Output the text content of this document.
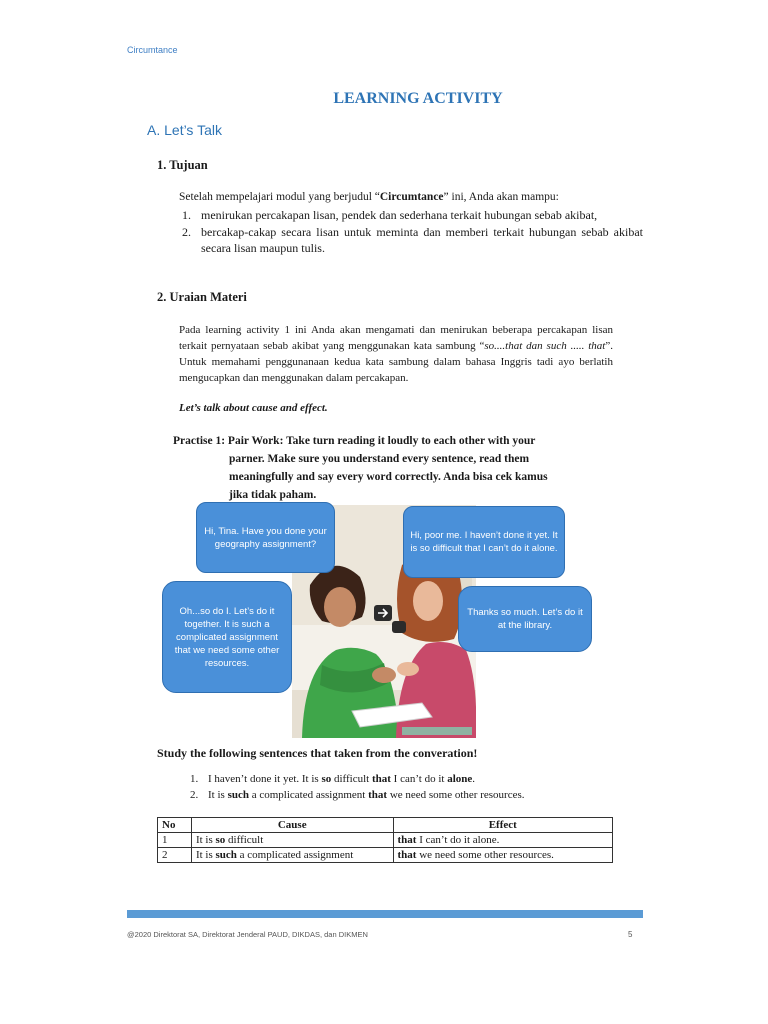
Circumtance
LEARNING ACTIVITY
A. Let’s Talk
1. Tujuan
Setelah mempelajari modul yang berjudul “Circumtance” ini, Anda akan mampu:
1. menirukan percakapan lisan, pendek dan sederhana terkait hubungan sebab akibat,
2. bercakap-cakap secara lisan untuk meminta dan memberi terkait hubungan sebab akibat secara lisan maupun tulis.
2. Uraian Materi
Pada learning activity 1 ini Anda akan mengamati dan menirukan beberapa percakapan lisan terkait pernyataan sebab akibat yang menggunakan kata sambung “so....that dan such ..... that”. Untuk memahami penggunanaan kedua kata sambung dalam bahasa Inggris tadi ayo berlatih mengucapkan dan menggunakan dalam percakapan.
Let’s talk about cause and effect.
Practise 1: Pair Work: Take turn reading it loudly to each other with your
parner. Make sure you understand every sentence, read them
meaningfully and say every word correctly. Anda bisa cek kamus
jika tidak paham.
Hi, Tina. Have you done your geography assignment?
Hi, poor me. I haven’t done it yet. It is so difficult that I can’t do it alone.
Oh...so do I. Let’s do it together. It is such a complicated assignment that we need some other resources.
Thanks so much. Let’s do it at the library.
Study the following sentences that taken from the converation!
1. I haven’t done it yet. It is so difficult that I can’t do it alone.
2. It is such a complicated assignment that we need some other resources.
No	Cause	Effect
1	It is so difficult	that I can’t do it alone.
2	It is such a complicated assignment	that we need some other resources.
@2020 Direktorat SA, Direktorat Jenderal PAUD, DIKDAS, dan DIKMEN	5
